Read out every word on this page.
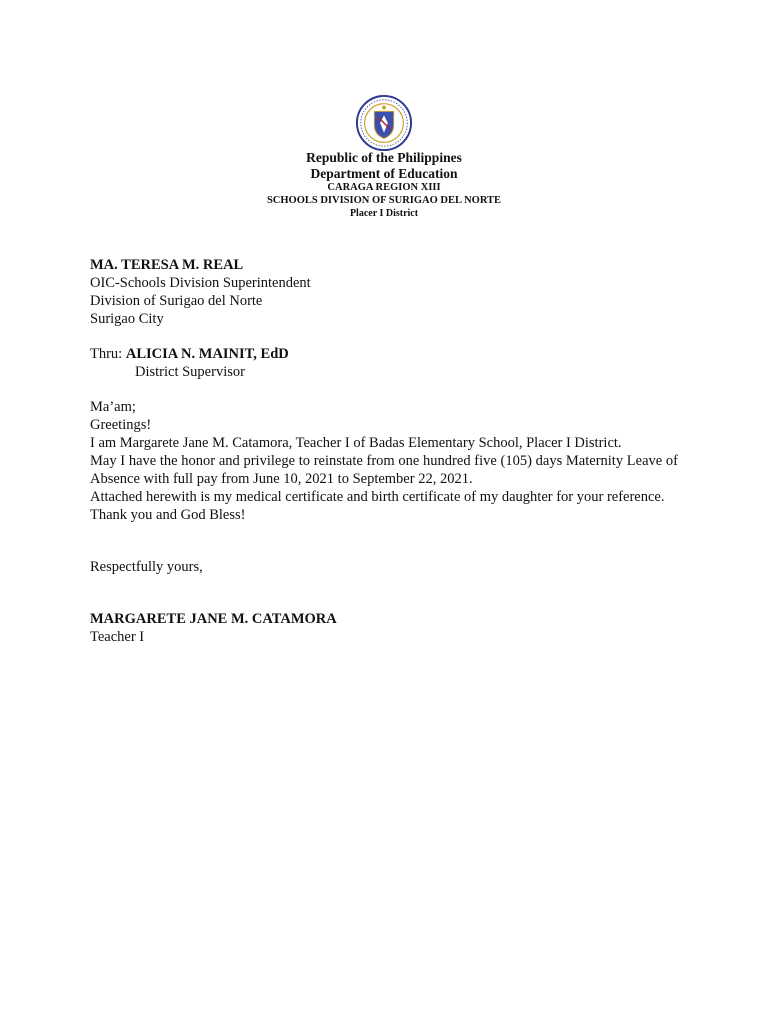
Republic of the Philippines
Department of Education
CARAGA REGION XIII
SCHOOLS DIVISION OF SURIGAO DEL NORTE
Placer I District

MA. TERESA M. REAL

OIC-Schools Division Superintendent

Division of Surigao del Norte

Surigao City

Thru: ALICIA N. MAINIT, EdD

District Supervisor

Ma’am;

Greetings!

I am Margarete Jane M. Catamora, Teacher I of Badas Elementary School, Placer I District.

May I have the honor and privilege to reinstate from one hundred five (105) days Maternity Leave of Absence with full pay from June 10, 2021 to September 22, 2021.

Attached herewith is my medical certificate and birth certificate of my daughter for your reference.

Thank you and God Bless!

Respectfully yours,

MARGARETE JANE M. CATAMORA

Teacher I
